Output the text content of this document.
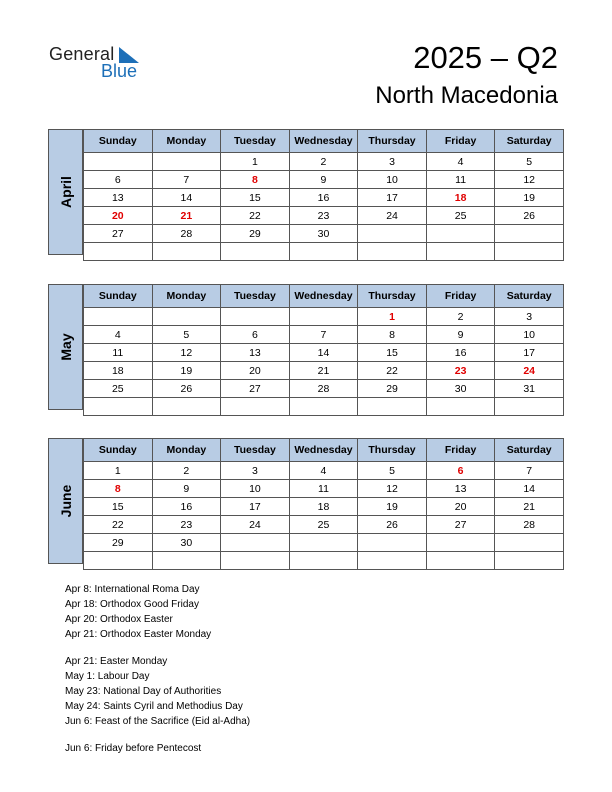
General
Blue	2025 – Q2
North Macedonia
April
Sunday	Monday	Tuesday	Wednesday	Thursday	Friday	Saturday
		1	2	3	4	5
6	7	8	9	10	11	12
13	14	15	16	17	18	19
20	21	22	23	24	25	26
27	28	29	30			

May
Sunday	Monday	Tuesday	Wednesday	Thursday	Friday	Saturday
				1	2	3
4	5	6	7	8	9	10
11	12	13	14	15	16	17
18	19	20	21	22	23	24
25	26	27	28	29	30	31

June
Sunday	Monday	Tuesday	Wednesday	Thursday	Friday	Saturday
1	2	3	4	5	6	7
8	9	10	11	12	13	14
15	16	17	18	19	20	21
22	23	24	25	26	27	28
29	30					

Apr 8: International Roma Day
Apr 18: Orthodox Good Friday
Apr 20: Orthodox Easter
Apr 21: Orthodox Easter Monday
Apr 21: Easter Monday
May 1: Labour Day
May 23: National Day of Authorities
May 24: Saints Cyril and Methodius Day
Jun 6: Feast of the Sacrifice (Eid al-Adha)
Jun 6: Friday before Pentecost
